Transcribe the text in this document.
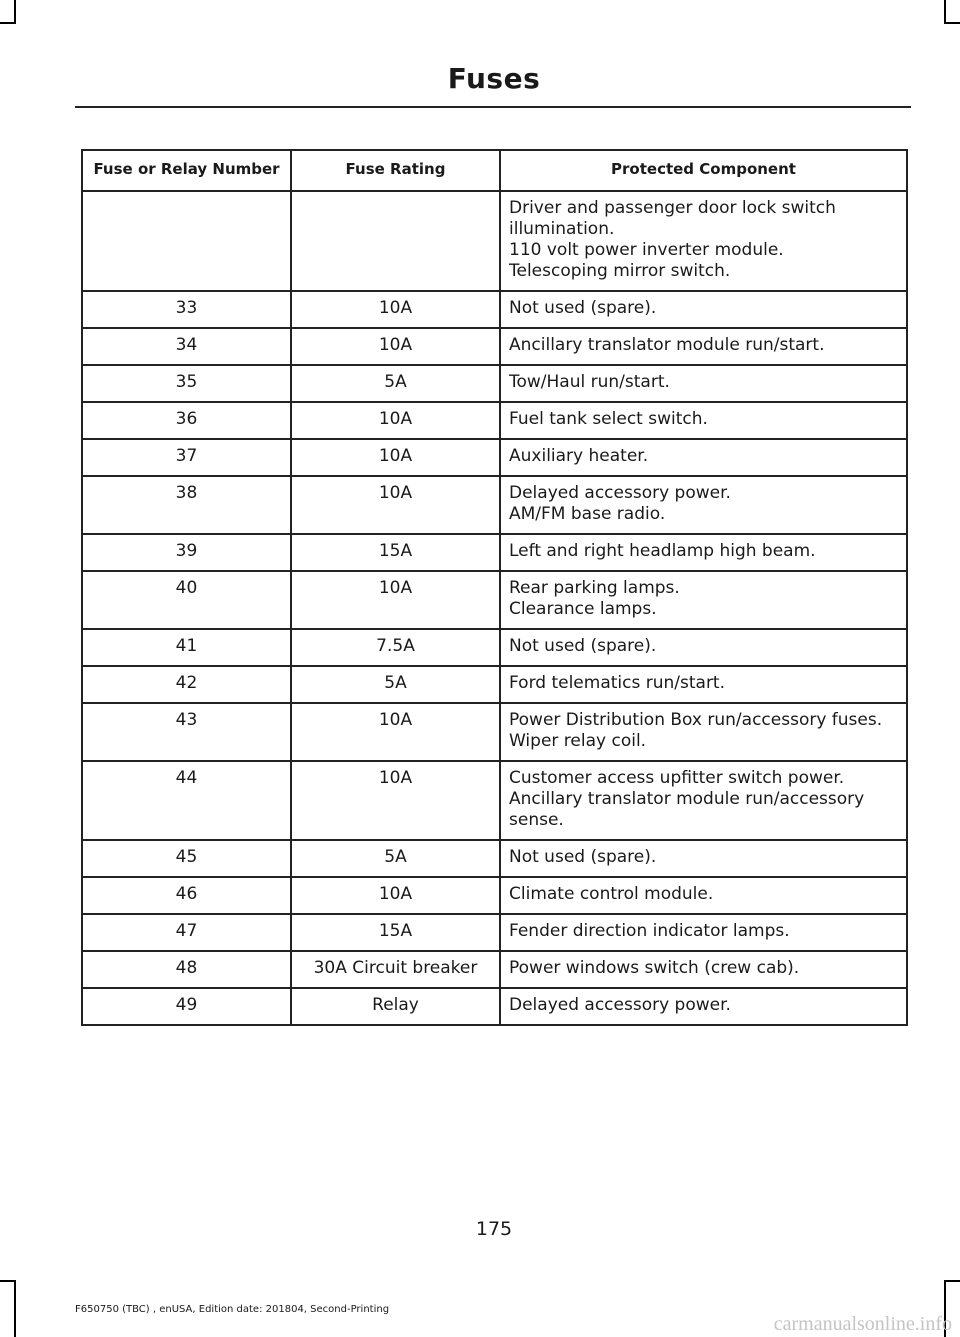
Fuses
Fuse or Relay Number	Fuse Rating	Protected Component

		Driver and passenger door lock switch illumination.
110 volt power inverter module.
Telescoping mirror switch.

33	10A	Not used (spare).

34	10A	Ancillary translator module run/start.

35	5A	Tow/Haul run/start.

36	10A	Fuel tank select switch.

37	10A	Auxiliary heater.

38	10A	Delayed accessory power.
AM/FM base radio.

39	15A	Left and right headlamp high beam.

40	10A	Rear parking lamps.
Clearance lamps.

41	7.5A	Not used (spare).

42	5A	Ford telematics run/start.

43	10A	Power Distribution Box run/accessory fuses.
Wiper relay coil.

44	10A	Customer access upfitter switch power.
Ancillary translator module run/accessory sense.

45	5A	Not used (spare).

46	10A	Climate control module.

47	15A	Fender direction indicator lamps.

48	30A Circuit breaker	Power windows switch (crew cab).

49	Relay	Delayed accessory power.
175
F650750 (TBC) , enUSA, Edition date: 201804, Second-Printing
carmanualsonline.info
